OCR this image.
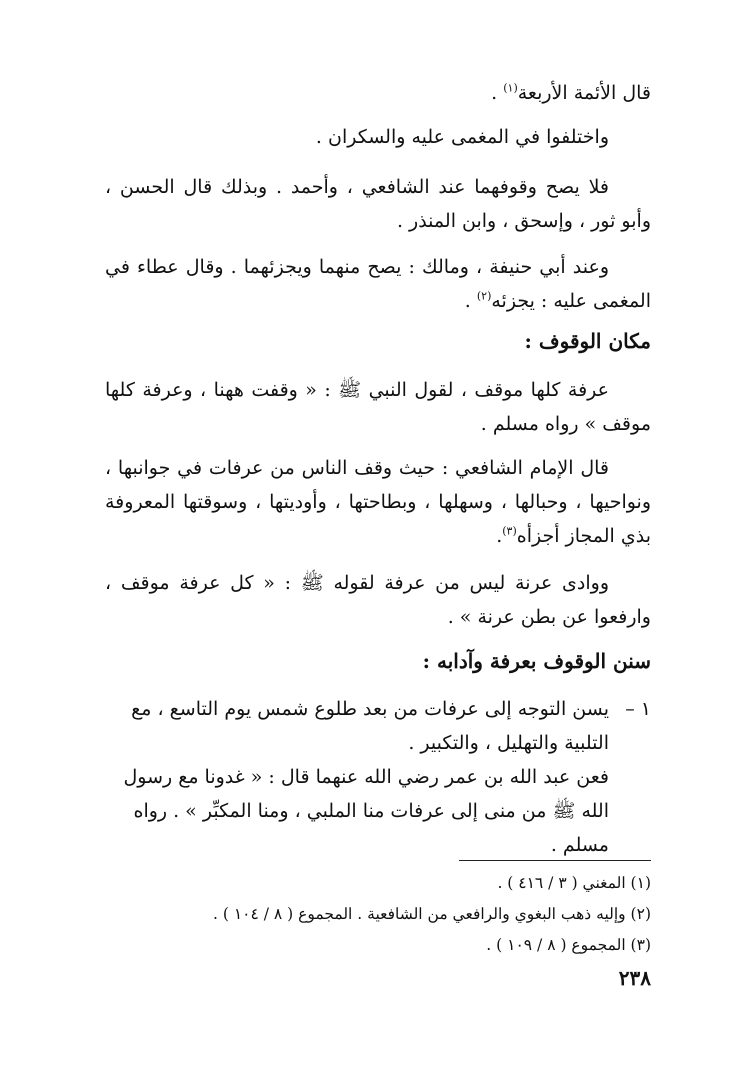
قال الأئمة الأربعة$^{(١)}$ .

واختلفوا في المغمى عليه والسكران .

فلا يصح وقوفهما عند الشافعي ، وأحمد . وبذلك قال الحسن ، وأبو ثور ، وإسحق ، وابن المنذر .

وعند أبي حنيفة ، ومالك : يصح منهما ويجزئهما . وقال عطاء في المغمى عليه : يجزئه$^{(٢)}$ .

مكان الوقوف :

عرفة كلها موقف ، لقول النبي ﷺ : « وقفت ههنا ، وعرفة كلها موقف » رواه مسلم .

قال الإمام الشافعي : حيث وقف الناس من عرفات في جوانبها ، ونواحيها ، وحبالها ، وسهلها ، وبطاحتها ، وأوديتها ، وسوقتها المعروفة بذي المجاز أجزأه$^{(٣)}$.

ووادى عرنة ليس من عرفة لقوله ﷺ : « كل عرفة موقف ، وارفعوا عن بطن عرنة » .

سنن الوقوف بعرفة وآدابه :
١ –

يسن التوجه إلى عرفات من بعد طلوع شمس يوم التاسع ، مع التلبية والتهليل ، والتكبير .

فعن عبد الله بن عمر رضي الله عنهما قال : « غدونا مع رسول الله ﷺ من منى إلى عرفات منا الملبي ، ومنا المكبِّر » . رواه مسلم .

(١) المغني ( ٣ / ٤١٦ ) .
(٢) وإليه ذهب البغوي والرافعي من الشافعية . المجموع ( ٨ / ١٠٤ ) .
(٣) المجموع ( ٨ / ١٠٩ ) .
٢٣٨
